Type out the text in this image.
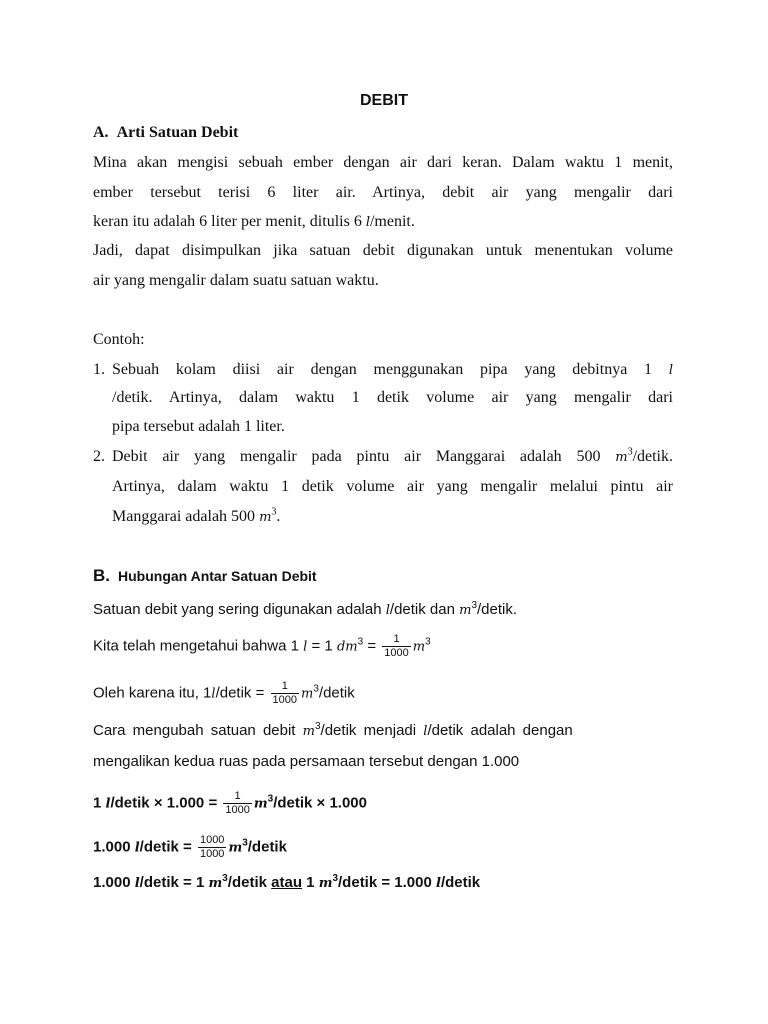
DEBIT
A. Arti Satuan Debit
Mina akan mengisi sebuah ember dengan air dari keran. Dalam waktu 1 menit,
ember tersebut terisi 6 liter air. Artinya, debit air yang mengalir dari
keran itu adalah 6 liter per menit, ditulis 6 l/menit.
Jadi, dapat disimpulkan jika satuan debit digunakan untuk menentukan volume
air yang mengalir dalam suatu satuan waktu.
Contoh:
1. Sebuah kolam diisi air dengan menggunakan pipa yang debitnya 1 l
/detik. Artinya, dalam waktu 1 detik volume air yang mengalir dari
pipa tersebut adalah 1 liter.
2. Debit air yang mengalir pada pintu air Manggarai adalah 500 $m^3$/detik.
Artinya, dalam waktu 1 detik volume air yang mengalir melalui pintu air
Manggarai adalah 500 $m^3$.
B. Hubungan Antar Satuan Debit
Satuan debit yang sering digunakan adalah l/detik dan $m^3$/detik.
Kita telah mengetahui bahwa 1 l = 1 $dm^3 = \frac{1}{1000} m^3$
Oleh karena itu, 1l/detik = $\frac{1}{1000}$ $m^3$/detik
Cara mengubah satuan debit $m^3$/detik menjadi l/detik adalah dengan
mengalikan kedua ruas pada persamaan tersebut dengan 1.000
1 l/detik × $1.000 = \frac{1}{1000}$ $m^3$/detik × 1.000
1.000 l/detik = $\frac{1000}{1000}$ $m^3$/detik
1.000 l/detik = 1 $m^3$/detik atau 1 $m^3$/detik = 1.000 l/detik
